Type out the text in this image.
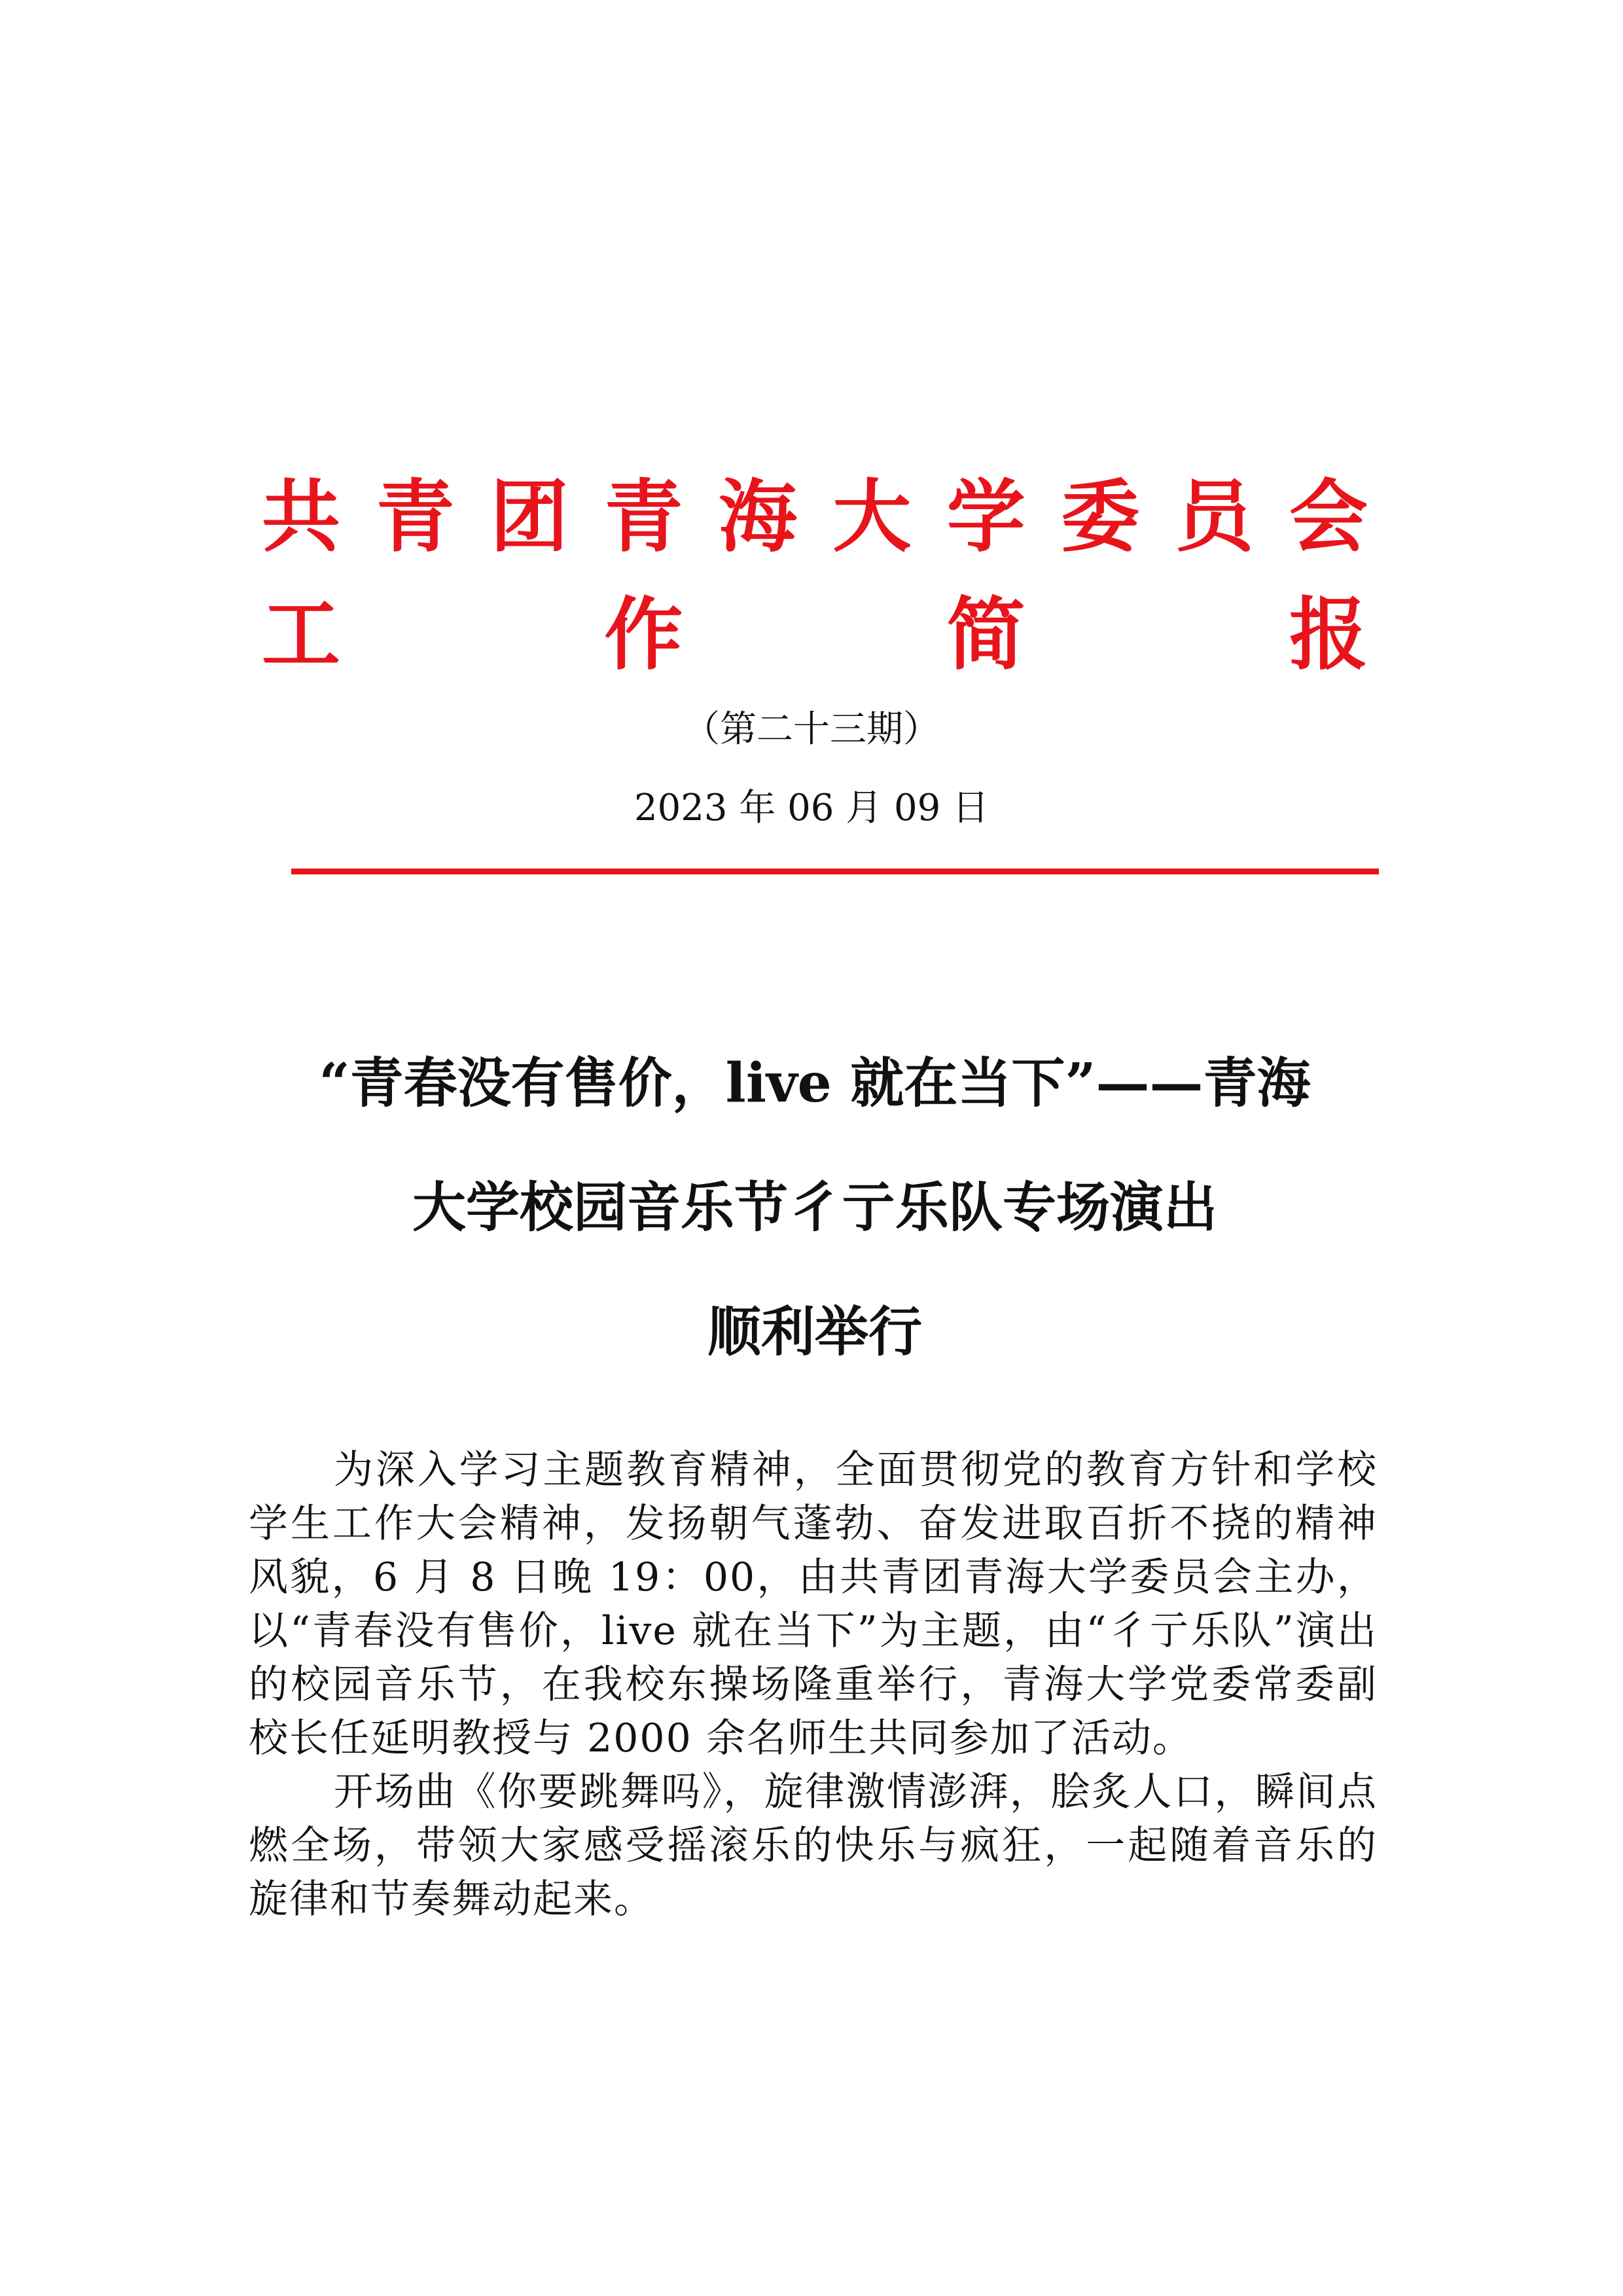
共 青 团 青 海 大 学 委 员 会
工	作	简	报
（第二十三期）
2023 年 06 月 09 日
“青春没有售价，live 就在当下”——青海
大学校园音乐节彳亍乐队专场演出
顺利举行

为深入学习主题教育精神，全面贯彻党的教育方针和学校学生工作大会精神，发扬朝气蓬勃、奋发进取百折不挠的精神风貌，6 月 8 日晚 19：00，由共青团青海大学委员会主办，以“青春没有售价，live 就在当下”为主题，由“彳亍乐队”演出的校园音乐节，在我校东操场隆重举行，青海大学党委常委副校长任延明教授与 2000 余名师生共同参加了活动。

开场曲《你要跳舞吗》，旋律激情澎湃，脍炙人口，瞬间点燃全场，带领大家感受摇滚乐的快乐与疯狂，一起随着音乐的旋律和节奏舞动起来。
